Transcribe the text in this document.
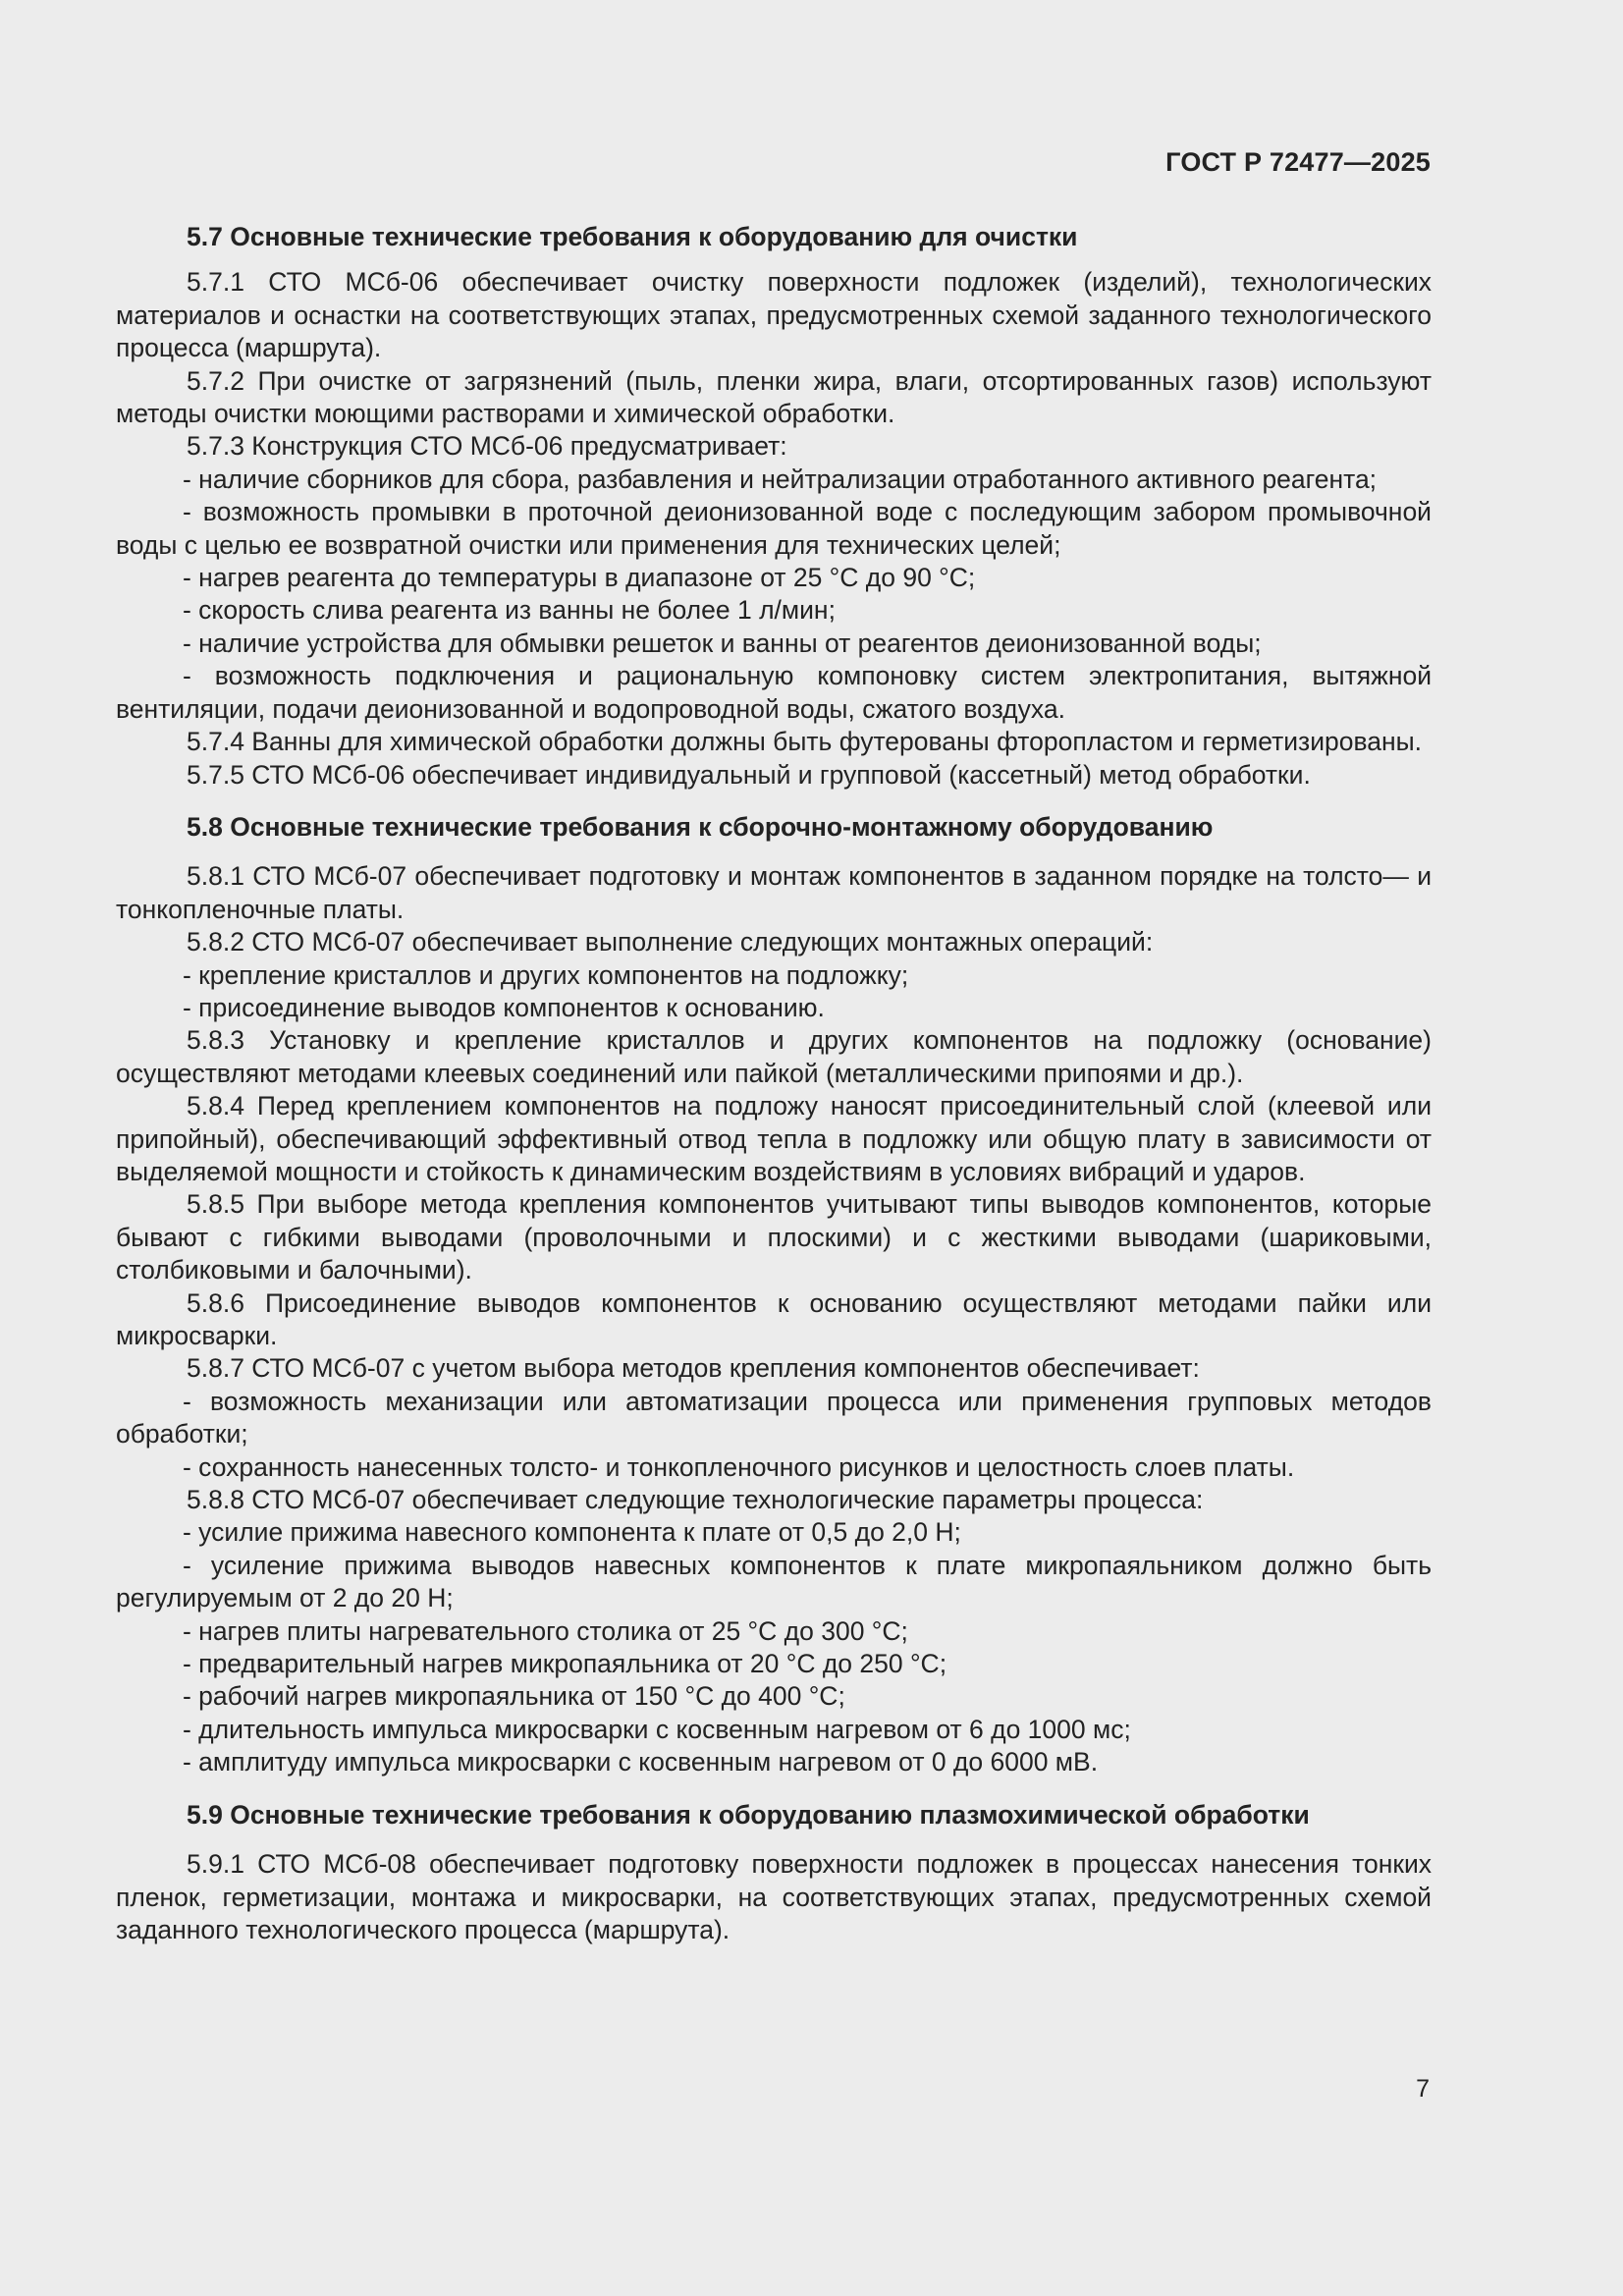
ГОСТ Р 72477—2025
5.7 Основные технические требования к оборудованию для очистки

5.7.1 СТО МСб-06 обеспечивает очистку поверхности подложек (изделий), технологических материалов и оснастки на соответствующих этапах, предусмотренных схемой заданного технологического процесса (маршрута).

5.7.2 При очистке от загрязнений (пыль, пленки жира, влаги, отсортированных газов) используют методы очистки моющими растворами и химической обработки.

5.7.3 Конструкция СТО МСб-06 предусматривает:

- наличие сборников для сбора, разбавления и нейтрализации отработанного активного реагента;

- возможность промывки в проточной деионизованной воде с последующим забором промывочной воды с целью ее возвратной очистки или применения для технических целей;

- нагрев реагента до температуры в диапазоне от 25 °С до 90 °С;

- скорость слива реагента из ванны не более 1 л/мин;

- наличие устройства для обмывки решеток и ванны от реагентов деионизованной воды;

- возможность подключения и рациональную компоновку систем электропитания, вытяжной вентиляции, подачи деионизованной и водопроводной воды, сжатого воздуха.

5.7.4 Ванны для химической обработки должны быть футерованы фторопластом и герметизированы.

5.7.5 СТО МСб-06 обеспечивает индивидуальный и групповой (кассетный) метод обработки.

5.8 Основные технические требования к сборочно-монтажному оборудованию

5.8.1 СТО МСб-07 обеспечивает подготовку и монтаж компонентов в заданном порядке на толсто— и тонкопленочные платы.

5.8.2 СТО МСб-07 обеспечивает выполнение следующих монтажных операций:

- крепление кристаллов и других компонентов на подложку;

- присоединение выводов компонентов к основанию.

5.8.3 Установку и крепление кристаллов и других компонентов на подложку (основание) осуществляют методами клеевых соединений или пайкой (металлическими припоями и др.).

5.8.4 Перед креплением компонентов на подложу наносят присоединительный слой (клеевой или припойный), обеспечивающий эффективный отвод тепла в подложку или общую плату в зависимости от выделяемой мощности и стойкость к динамическим воздействиям в условиях вибраций и ударов.

5.8.5 При выборе метода крепления компонентов учитывают типы выводов компонентов, которые бывают с гибкими выводами (проволочными и плоскими) и с жесткими выводами (шариковыми, столбиковыми и балочными).

5.8.6 Присоединение выводов компонентов к основанию осуществляют методами пайки или микросварки.

5.8.7 СТО МСб-07 с учетом выбора методов крепления компонентов обеспечивает:

- возможность механизации или автоматизации процесса или применения групповых методов обработки;

- сохранность нанесенных толсто- и тонкопленочного рисунков и целостность слоев платы.

5.8.8 СТО МСб-07 обеспечивает следующие технологические параметры процесса:

- усилие прижима навесного компонента к плате от 0,5 до 2,0 Н;

- усиление прижима выводов навесных компонентов к плате микропаяльником должно быть регулируемым от 2 до 20 Н;

- нагрев плиты нагревательного столика от 25 °С до 300 °С;

- предварительный нагрев микропаяльника от 20 °С до 250 °С;

- рабочий нагрев микропаяльника от 150 °С до 400 °С;

- длительность импульса микросварки с косвенным нагревом от 6 до 1000 мс;

- амплитуду импульса микросварки с косвенным нагревом от 0 до 6000 мВ.

5.9 Основные технические требования к оборудованию плазмохимической обработки

5.9.1 СТО МСб-08 обеспечивает подготовку поверхности подложек в процессах нанесения тонких пленок, герметизации, монтажа и микросварки, на соответствующих этапах, предусмотренных схемой заданного технологического процесса (маршрута).

7
